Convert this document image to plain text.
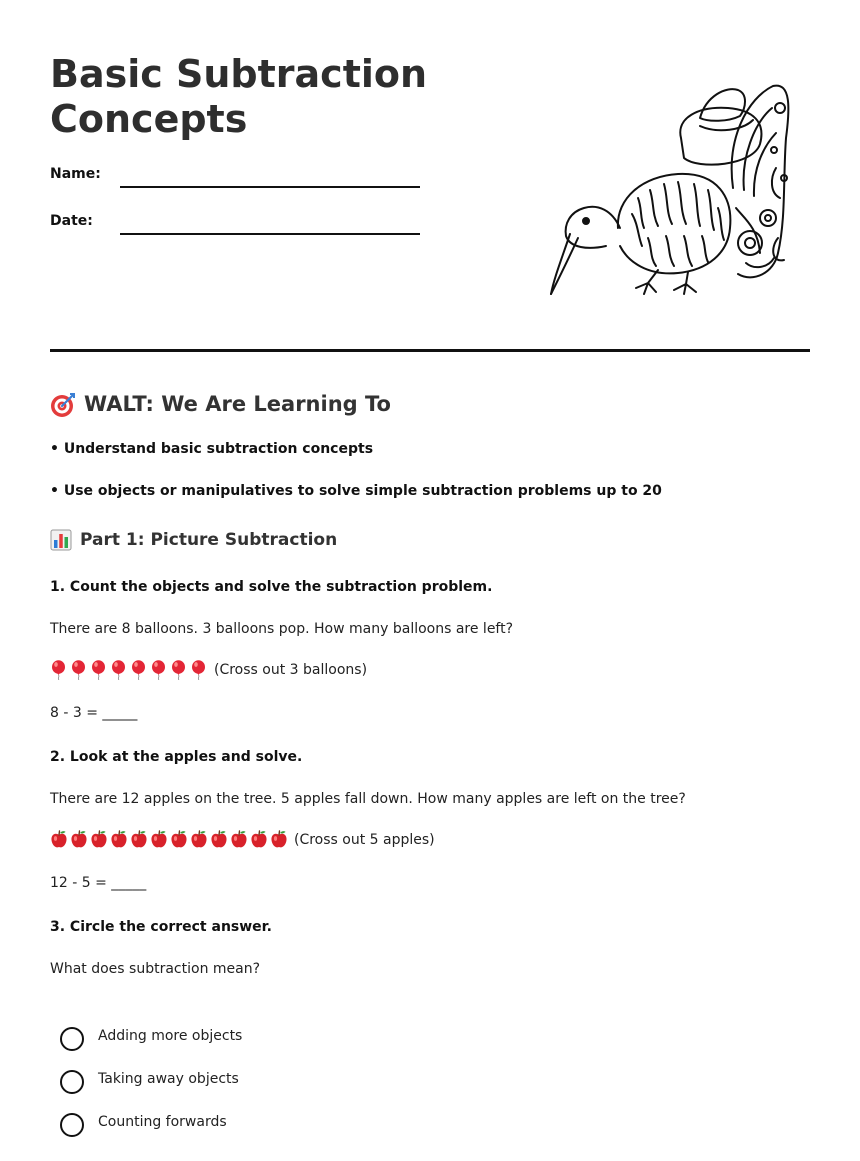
Basic Subtraction Concepts
Name:
Date:
WALT: We Are Learning To
• Understand basic subtraction concepts
• Use objects or manipulatives to solve simple subtraction problems up to 20
Part 1: Picture Subtraction
1. Count the objects and solve the subtraction problem.
There are 8 balloons. 3 balloons pop. How many balloons are left?
(Cross out 3 balloons)
8 - 3 = _____
2. Look at the apples and solve.
There are 12 apples on the tree. 5 apples fall down. How many apples are left on the tree?
(Cross out 5 apples)
12 - 5 = _____
3. Circle the correct answer.
What does subtraction mean?
Adding more objects
Taking away objects
Counting forwards
